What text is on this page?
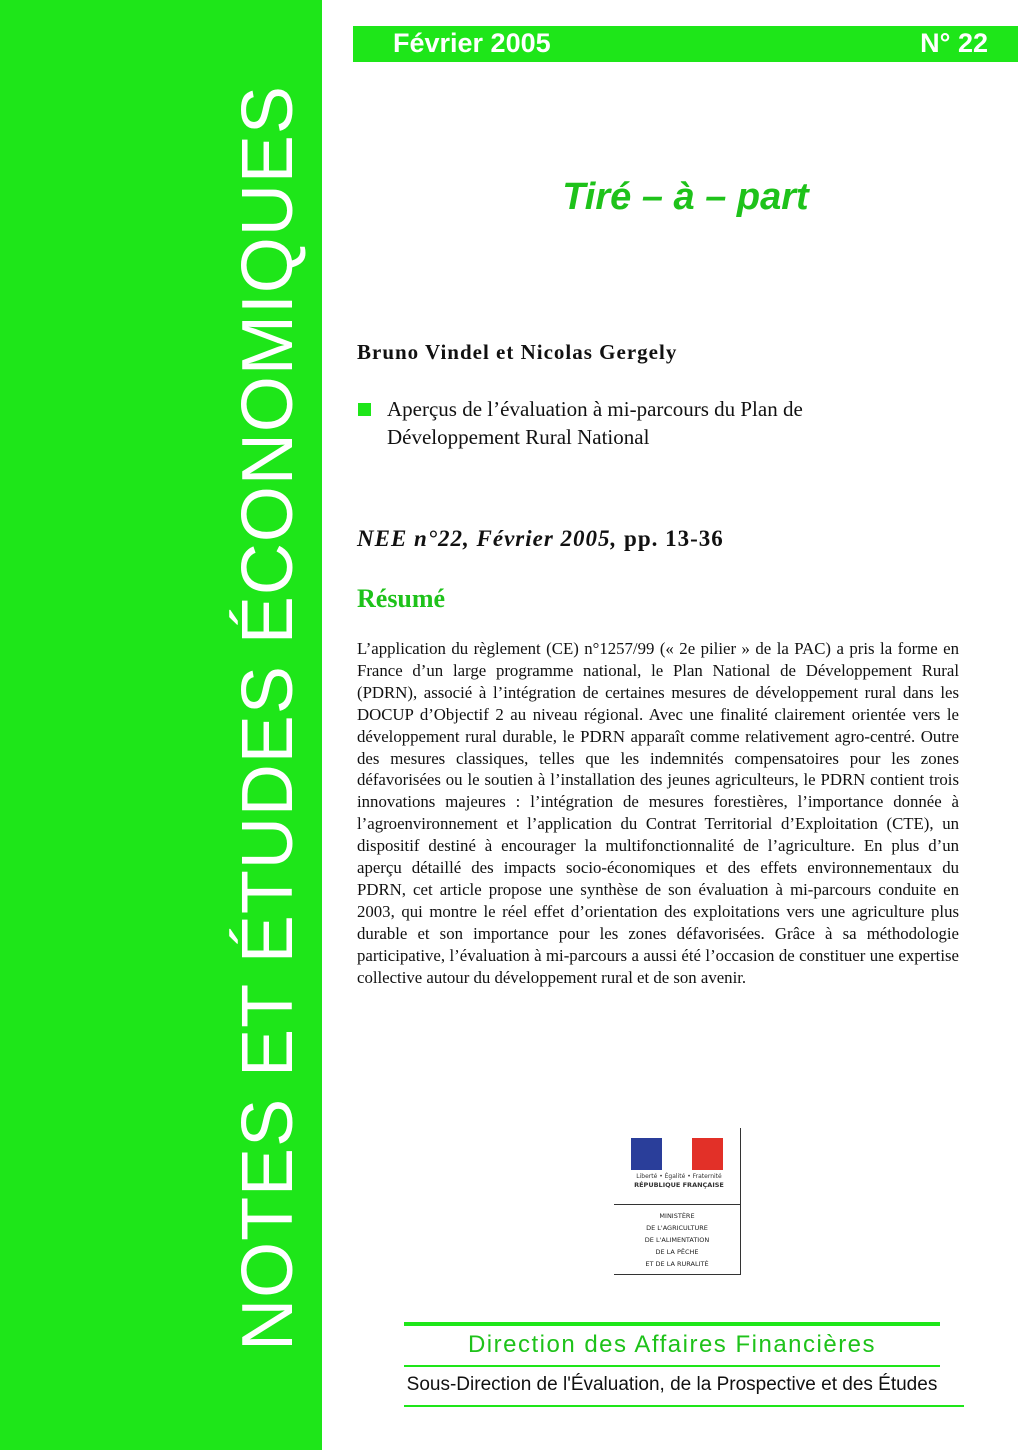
NOTES ET ÉTUDES ÉCONOMIQUES
Février 2005	N° 22
Tiré – à – part
Bruno Vindel et Nicolas Gergely
Aperçus de l’évaluation à mi-parcours du Plan de
Développement Rural National
NEE n°22, Février 2005, pp. 13-36
Résumé

L’application du règlement (CE) n°1257/99 (« 2e pilier » de la PAC) a pris la forme en France d’un large programme national, le Plan National de Développement Rural (PDRN), associé à l’intégration de certaines mesures de développement rural dans les DOCUP d’Objectif 2 au niveau régional. Avec une finalité clairement orientée vers le développement rural durable, le PDRN apparaît comme relativement agro-centré. Outre des mesures classiques, telles que les indemnités compensatoires pour les zones défavorisées ou le soutien à l’installation des jeunes agriculteurs, le PDRN contient trois innovations majeures : l’intégration de mesures forestières, l’importance donnée à l’agroenvironnement et l’application du Contrat Territorial d’Exploitation (CTE), un dispositif destiné à encourager la multifonctionnalité de l’agriculture. En plus d’un aperçu détaillé des impacts socio-économiques et des effets environnementaux du PDRN, cet article propose une synthèse de son évaluation à mi-parcours conduite en 2003, qui montre le réel effet d’orientation des exploitations vers une agriculture plus durable et son importance pour les zones défavorisées. Grâce à sa méthodologie participative, l’évaluation à mi-parcours a aussi été l’occasion de constituer une expertise collective autour du développement rural et de son avenir.

Liberté • Égalité • Fraternité
RÉPUBLIQUE FRANÇAISE
MINISTÈRE
DE L'AGRICULTURE
DE L'ALIMENTATION
DE LA PÊCHE
ET DE LA RURALITÉ
Direction des Affaires Financières
Sous-Direction de l'Évaluation, de la Prospective et des Études
